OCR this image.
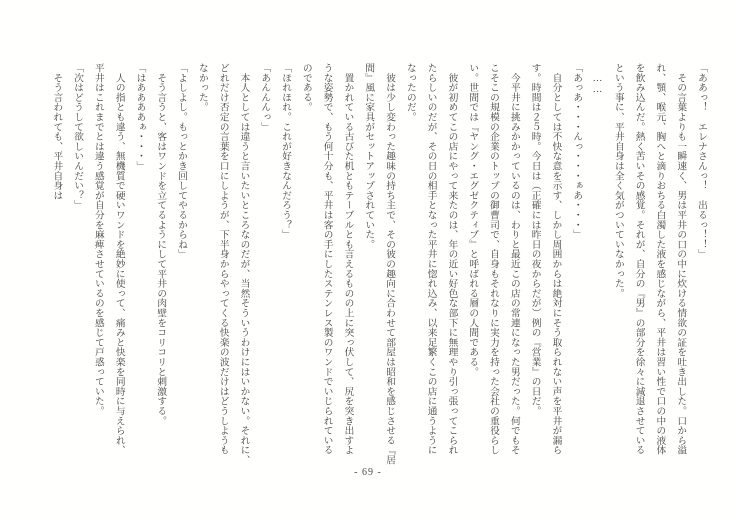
「ああっ！　エレナさんっ！　出るっ！！」
　その言葉よりも一瞬速く、男は平井の口の中に炊ける情欲の証を吐き出した。口から溢
れ、顎、喉元、胸へと滴りおちる白濁した液を感じながら、平井は習い性で口の中の液体
を飲み込んだ。熱く苦いその感覚。それが、自分の『男』の部分を徐々に減退させている
という事に、平井自身は全く気がついていなかった。
　……
「あっあ・・・んっ・・・ぁあ・・・」
　自分としては不快な意を示す、しかし周囲からは絶対にそう取られない声を平井が漏ら
す。時間は２５時。今日は（正確には昨日の夜からだが）例の『営業』の日だ。
　今平井に挑みかかっているのは、わりと最近この店の常連になった男だった。何でもそ
こそこの規模の企業のトップの御曹司で、自身もそれなりに実力を持った会社の重役らし
い。世間では『ヤング・エグゼクティブ』と呼ばれる層の人間である。
　彼が初めてこの店にやって来たのは、年の近い好色な部下に無理やり引っ張ってこられ
たらしいのだが、その日の相手となった平井に惚れ込み、以来足繁くこの店に通うように
なったのだ。
　彼は少し変わった趣味の持ち主で、その彼の趣向に合わせて部屋は昭和を感じさせる『居
間』風に家具がセットアップされていた。
　置かれている古びた机ともテーブルとも言えるものの上に突っ伏して、尻を突き出すよ
うな姿勢で、もう何十分も、平井は客の手にしたステンレス製のワンドでいじられている
のである。
「ほれほれ。これが好きなんだろう？」
「あんんんっ」
　本人としては違うと言いたいところなのだが、当然そういうわけにはいかない。それに、
どれだけ否定の言葉を口にしようが、下半身からやってくる快楽の波だけはどうしようも
なかった。
「よしよし。もっとかき回してやるからね」
　そう言うと、客はワンドを立てるようにして平井の肉壁をコリコリと刺激する。
「はああああぁ・・・」
　人の指とも違う、無機質で硬いワンドを絶妙に使って、痛みと快楽を同時に与えられ、
平井はこれまでとは違う感覚が自分を麻痺させているのを感じて戸惑っていた。
「次はどうして欲しいんだい？」
　そう言われても、平井自身は
- 69 -
